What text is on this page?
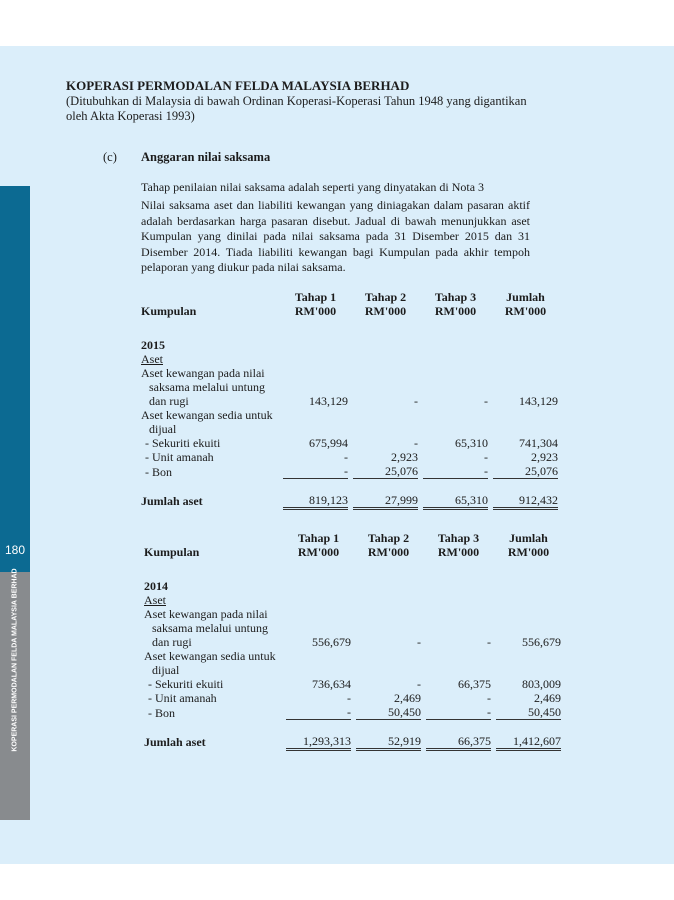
180
KOPERASI PERMODALAN FELDA MALAYSIA BERHAD
KOPERASI PERMODALAN FELDA MALAYSIA BERHAD
(Ditubuhkan di Malaysia di bawah Ordinan Koperasi-Koperasi Tahun 1948 yang digantikan oleh Akta Koperasi 1993)
(c) Anggaran nilai saksama
Tahap penilaian nilai saksama adalah seperti yang dinyatakan di Nota 3
Nilai saksama aset dan liabiliti kewangan yang diniagakan dalam pasaran aktif adalah berdasarkan harga pasaran disebut. Jadual di bawah menunjukkan aset Kumpulan yang dinilai pada nilai saksama pada 31 Disember 2015 dan 31 Disember 2014. Tiada liabiliti kewangan bagi Kumpulan pada akhir tempoh pelaporan yang diukur pada nilai saksama.
	Tahap 1		Tahap 2		Tahap 3		Jumlah
Kumpulan	RM'000		RM'000		RM'000		RM'000

2015							
Aset							
Aset kewangan pada nilai							
saksama melalui untung							
dan rugi	143,129		-		-		143,129
Aset kewangan sedia untuk							
dijual							
- Sekuriti ekuiti	675,994		-		65,310		741,304
- Unit amanah	-		2,923		-		2,923
- Bon	-		25,076		-		25,076

Jumlah aset	819,123		27,999		65,310		912,432
	Tahap 1		Tahap 2		Tahap 3		Jumlah
Kumpulan	RM'000		RM'000		RM'000		RM'000

2014							
Aset							
Aset kewangan pada nilai							
saksama melalui untung							
dan rugi	556,679		-		-		556,679
Aset kewangan sedia untuk							
dijual							
- Sekuriti ekuiti	736,634		-		66,375		803,009
- Unit amanah	-		2,469		-		2,469
- Bon	-		50,450		-		50,450

Jumlah aset	1,293,313		52,919		66,375		1,412,607
